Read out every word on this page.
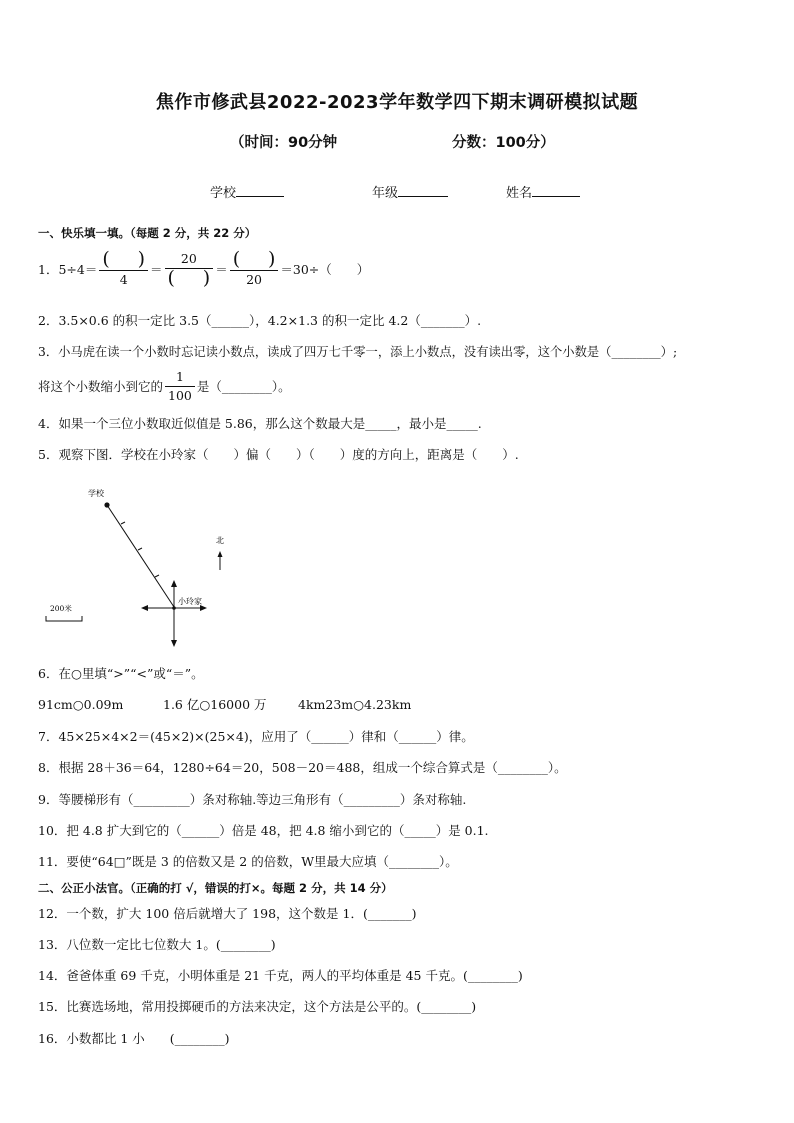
焦作市修武县2022-2023学年数学四下期末调研模拟试题
（时间：90分钟	分数：100分）
学校	年级	姓名
一、快乐填一填。（每题 2 分，共 22 分）
1． $5\div 4= \frac{( )}{4} = \frac{20}{( )} = \frac{( )}{20} =30\div$（　　）
2．3.5×0.6 的积一定比 3.5（______），4.2×1.3 的积一定比 4.2（_______）.
3．小马虎在读一个小数时忘记读小数点，读成了四万七千零一，添上小数点，没有读出零，这个小数是（________）;
将这个小数缩小到它的 $\frac{1}{100}$ 是（________）。
4．如果一个三位小数取近似值是 5.86，那么这个数最大是_____，最小是_____.
5．观察下图．学校在小玲家（　　）偏（　　）（　　）度的方向上，距离是（　　）.
学校
小玲家
北
200米
6．在○里填“>”“<”或“＝”。
91cm○0.09m	1.6 亿○16000 万	4km23m○4.23km
7．45×25×4×2＝(45×2)×(25×4)，应用了（______）律和（______）律。
8．根据 28＋36＝64，1280÷64＝20，508－20＝488，组成一个综合算式是（________）。
9．等腰梯形有（_________）条对称轴.等边三角形有（_________）条对称轴.
10．把 4.8 扩大到它的（______）倍是 48，把 4.8 缩小到它的（_____）是 0.1.
11．要使“64□”既是 3 的倍数又是 2 的倍数，W里最大应填（________）。
二、公正小法官。（正确的打 √，错误的打×。每题 2 分，共 14 分）
12．一个数，扩大 100 倍后就增大了 198，这个数是 1．(_______)
13．八位数一定比七位数大 1。(________)
14．爸爸体重 69 千克，小明体重是 21 千克，两人的平均体重是 45 千克。(________)
15．比赛选场地，常用投掷硬币的方法来决定，这个方法是公平的。(________)
16．小数都比 1 小　　(________)
